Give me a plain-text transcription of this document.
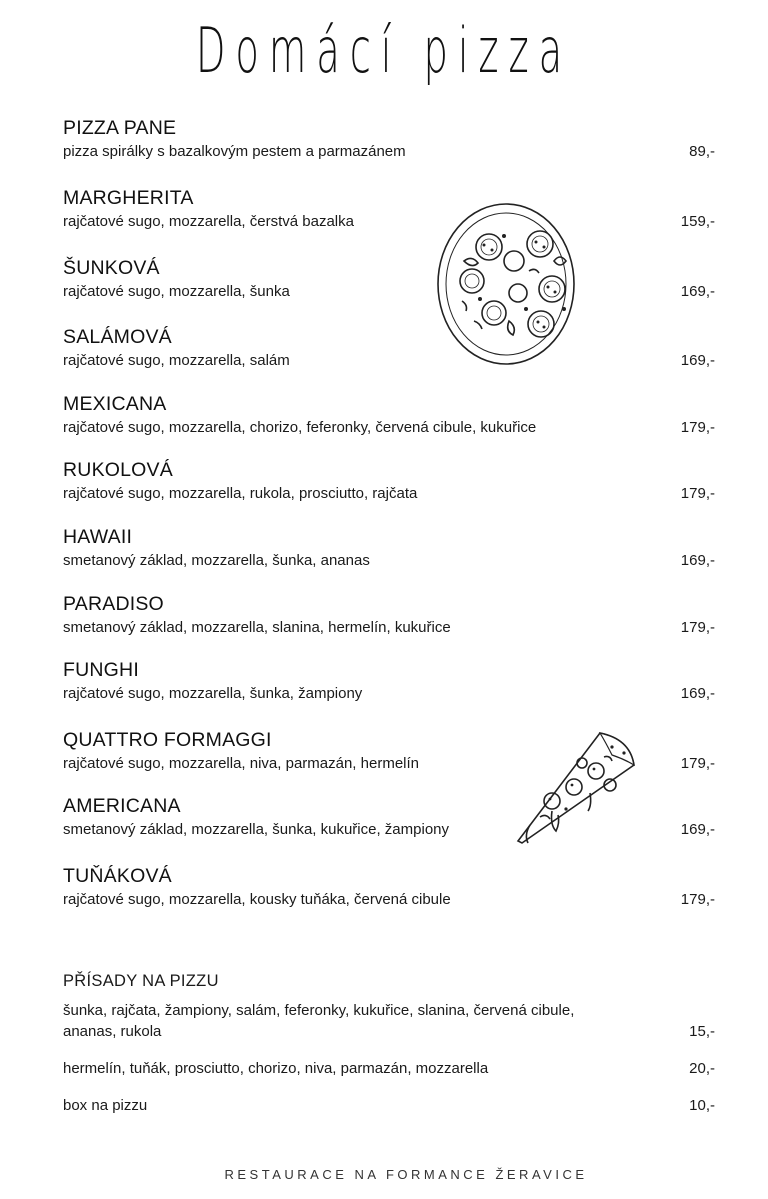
Domácí pizza
PIZZA PANE
pizza spirálky s bazalkovým pestem a parmazánem	89,-
MARGHERITA
rajčatové sugo, mozzarella, čerstvá bazalka	159,-
ŠUNKOVÁ
rajčatové sugo, mozzarella, šunka	169,-
SALÁMOVÁ
rajčatové sugo, mozzarella, salám	169,-
MEXICANA
rajčatové sugo, mozzarella, chorizo, feferonky, červená cibule, kukuřice	179,-
RUKOLOVÁ
rajčatové sugo, mozzarella, rukola, prosciutto, rajčata	179,-
HAWAII
smetanový základ, mozzarella, šunka, ananas	169,-
PARADISO
smetanový základ, mozzarella, slanina, hermelín, kukuřice	179,-
FUNGHI
rajčatové sugo, mozzarella, šunka, žampiony	169,-
QUATTRO FORMAGGI
rajčatové sugo, mozzarella, niva, parmazán, hermelín	179,-
AMERICANA
smetanový základ, mozzarella, šunka, kukuřice, žampiony	169,-
TUŇÁKOVÁ
rajčatové sugo, mozzarella, kousky tuňáka, červená cibule	179,-
PŘÍSADY NA PIZZU
šunka, rajčata, žampiony, salám, feferonky, kukuřice, slanina, červená cibule, ananas, rukola	15,-
hermelín, tuňák, prosciutto, chorizo, niva, parmazán, mozzarella	20,-
box na pizzu	10,-
RESTAURACE NA FORMANCE ŽERAVICE
